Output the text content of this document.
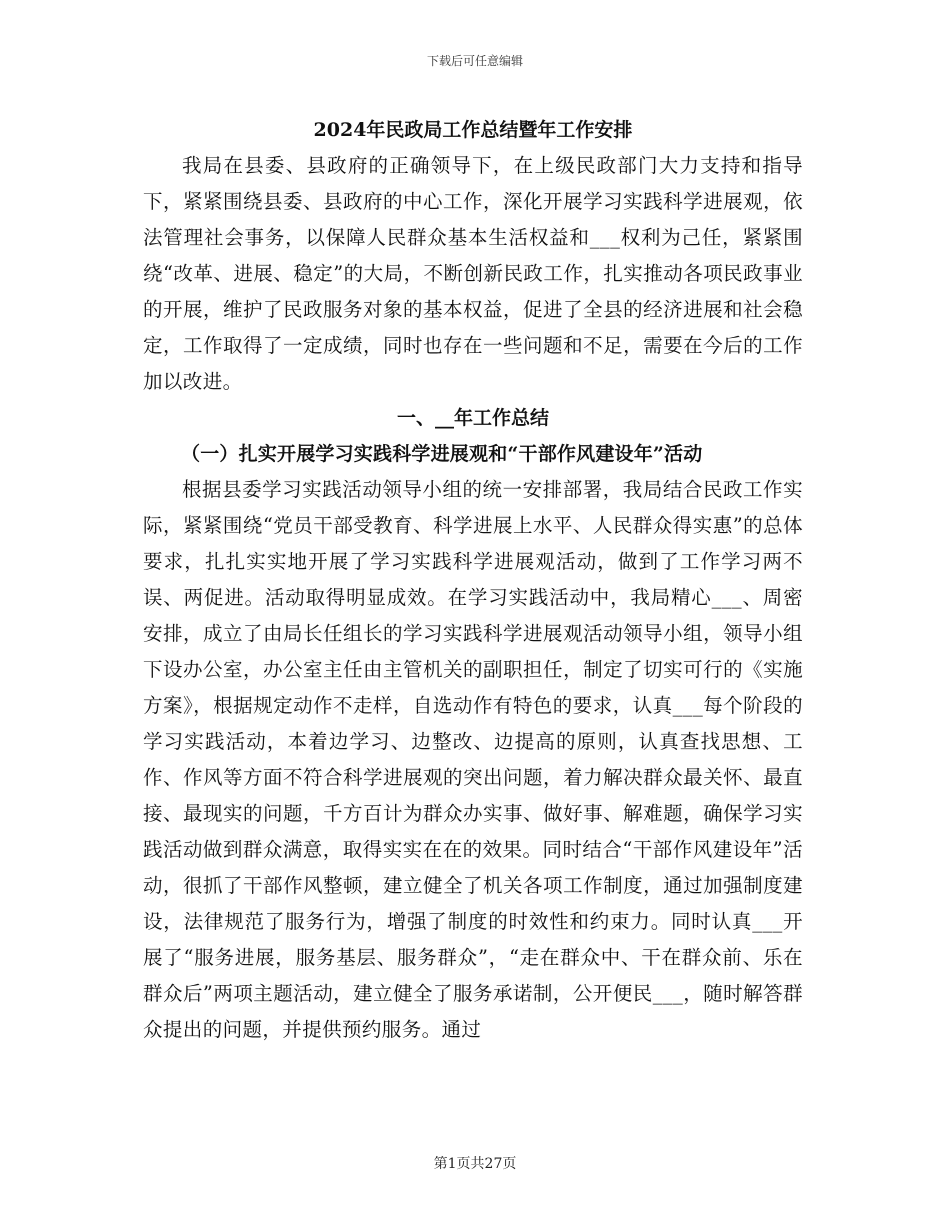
下载后可任意编辑
2024年民政局工作总结暨年工作安排

我局在县委、县政府的正确领导下，在上级民政部门大力支持和指导下，紧紧围绕县委、县政府的中心工作，深化开展学习实践科学进展观，依法管理社会事务，以保障人民群众基本生活权益和___权利为己任，紧紧围绕“改革、进展、稳定”的大局，不断创新民政工作，扎实推动各项民政事业的开展，维护了民政服务对象的基本权益，促进了全县的经济进展和社会稳定，工作取得了一定成绩，同时也存在一些问题和不足，需要在今后的工作加以改进。

一、__年工作总结
（一）扎实开展学习实践科学进展观和“干部作风建设年”活动

根据县委学习实践活动领导小组的统一安排部署，我局结合民政工作实际，紧紧围绕“党员干部受教育、科学进展上水平、人民群众得实惠”的总体要求，扎扎实实地开展了学习实践科学进展观活动，做到了工作学习两不误、两促进。活动取得明显成效。在学习实践活动中，我局精心___、周密安排，成立了由局长任组长的学习实践科学进展观活动领导小组，领导小组下设办公室，办公室主任由主管机关的副职担任，制定了切实可行的《实施方案》，根据规定动作不走样，自选动作有特色的要求，认真___每个阶段的学习实践活动，本着边学习、边整改、边提高的原则，认真查找思想、工作、作风等方面不符合科学进展观的突出问题，着力解决群众最关怀、最直接、最现实的问题，千方百计为群众办实事、做好事、解难题，确保学习实践活动做到群众满意，取得实实在在的效果。同时结合“干部作风建设年”活动，很抓了干部作风整顿，建立健全了机关各项工作制度，通过加强制度建设，法律规范了服务行为，增强了制度的时效性和约束力。同时认真___开展了“服务进展，服务基层、服务群众”，“走在群众中、干在群众前、乐在群众后”两项主题活动，建立健全了服务承诺制，公开便民___，随时解答群众提出的问题，并提供预约服务。通过

第1页共27页
